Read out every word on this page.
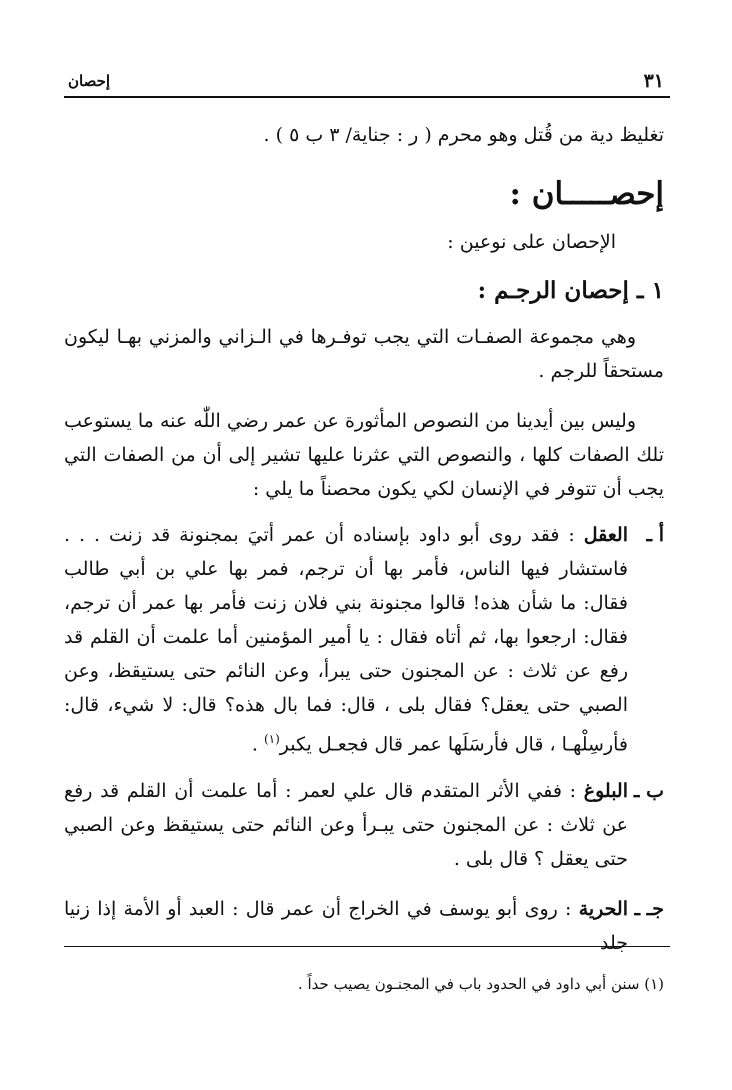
٣١
إحصان
تغليظ دية من قُتل وهو محرم ( ر : جناية/ ٣ ب ٥ ) .
إحصـــــان :
الإحصان على نوعين :
١ ـ إحصان الرجـم :
وهي مجموعة الصفـات التي يجب توفـرها في الـزاني والمزني بهـا ليكون مستحقاً للرجم .
وليس بين أيدينا من النصوص المأثورة عن عمر رضي اللّٰه عنه ما يستوعب تلك الصفات كلها ، والنصوص التي عثرنا عليها تشير إلى أن من الصفات التي يجب أن تتوفر في الإنسان لكي يكون محصناً ما يلي :
أ ـ
العقل : فقد روى أبو داود بإسناده أن عمر أتيَ بمجنونة قد زنت . . . فاستشار فيها الناس، فأمر بها أن ترجم، فمر بها علي بن أبي طالب فقال: ما شأن هذه! قالوا مجنونة بني فلان زنت فأمر بها عمر أن ترجم، فقال: ارجعوا بها، ثم أتاه فقال : يا أمير المؤمنين أما علمت أن القلم قد رفع عن ثلاث : عن المجنون حتى يبرأ، وعن النائم حتى يستيقظ، وعن الصبي حتى يعقل؟ فقال بلى ، قال: فما بال هذه؟ قال: لا شيء، قال: فأرسِلْهـا ، قال فأرسَلَها عمر قال فجعـل يكبر$^{(١)}$ .
ب ـ
البلوغ : ففي الأثر المتقدم قال علي لعمر : أما علمت أن القلم قد رفع عن ثلاث : عن المجنون حتى يبـرأ وعن النائم حتى يستيقظ وعن الصبي حتى يعقل ؟ قال بلى .
جـ ـ
الحرية : روى أبو يوسف في الخراج أن عمر قال : العبد أو الأمة إذا زنيا جلد
(١) سنن أبي داود في الحدود باب في المجنـون يصيب حداً .
